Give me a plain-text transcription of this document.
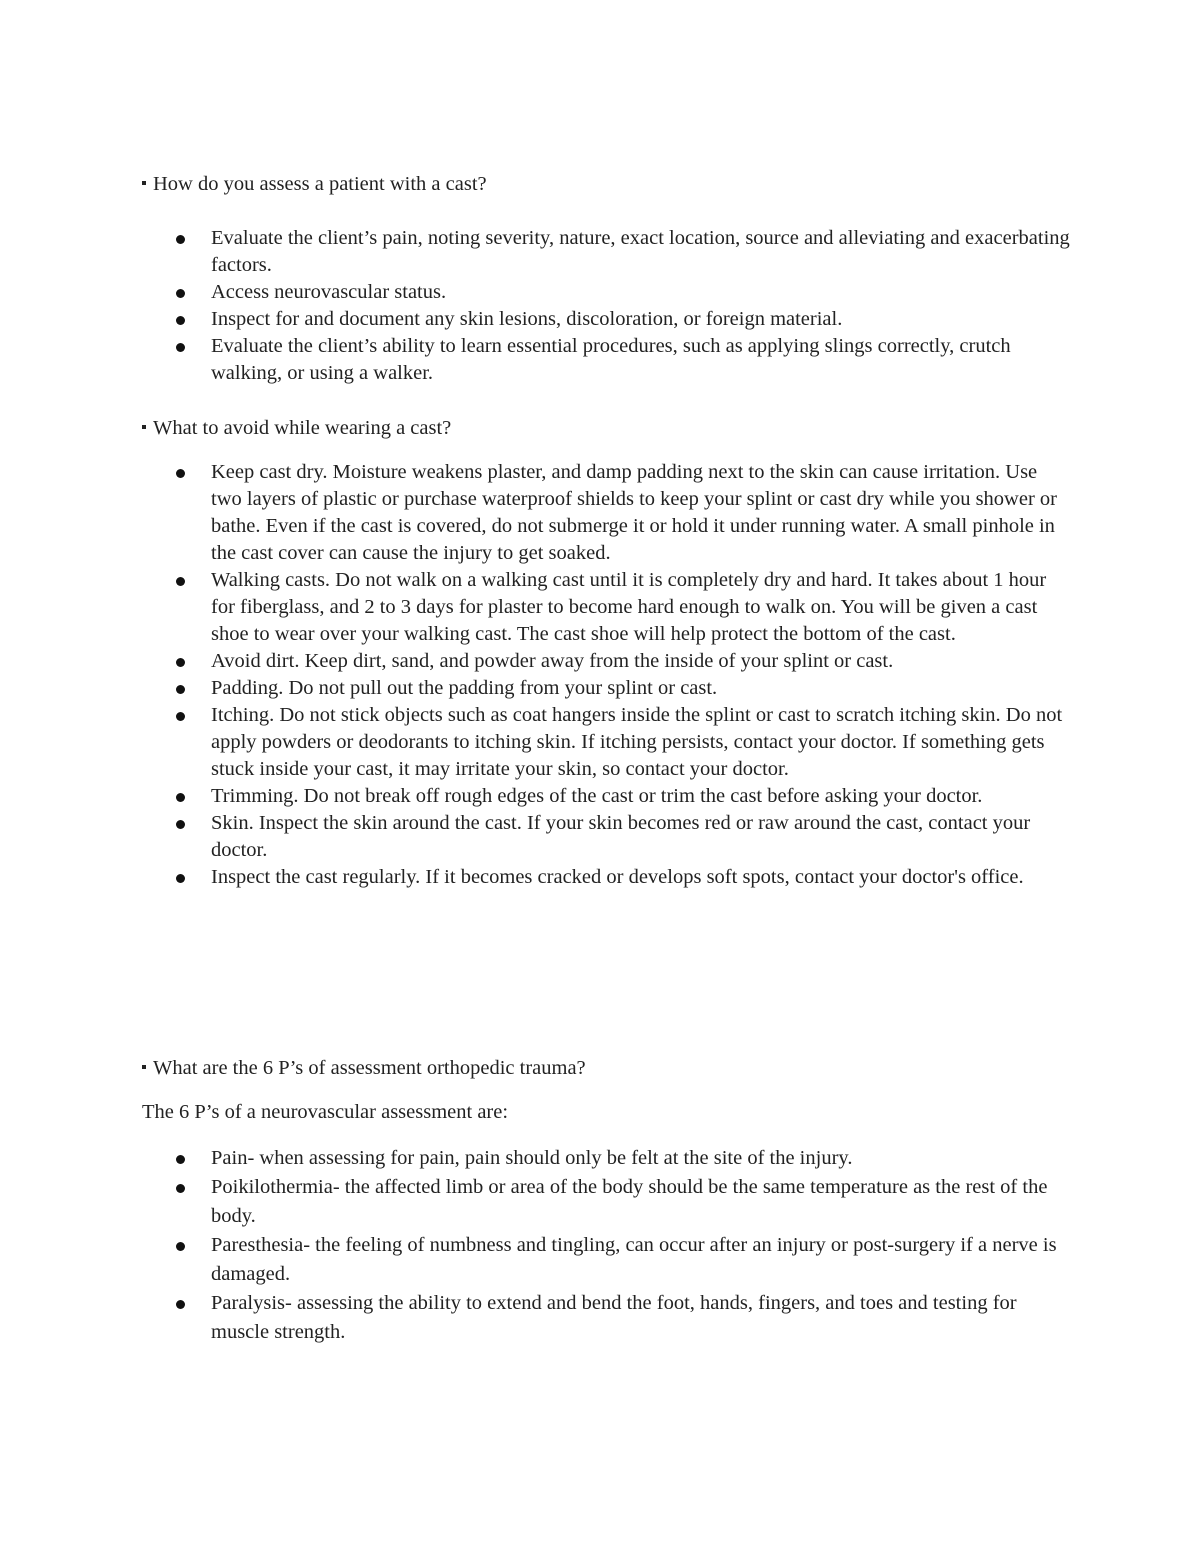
How do you assess a patient with a cast?
Evaluate the client’s pain, noting severity, nature, exact location, source and alleviating and exacerbating factors.
Access neurovascular status.
Inspect for and document any skin lesions, discoloration, or foreign material.
Evaluate the client’s ability to learn essential procedures, such as applying slings correctly, crutch walking, or using a walker.
What to avoid while wearing a cast?
Keep cast dry. Moisture weakens plaster, and damp padding next to the skin can cause irritation. Use two layers of plastic or purchase waterproof shields to keep your splint or cast dry while you shower or bathe. Even if the cast is covered, do not submerge it or hold it under running water. A small pinhole in the cast cover can cause the injury to get soaked.
Walking casts. Do not walk on a walking cast until it is completely dry and hard. It takes about 1 hour for fiberglass, and 2 to 3 days for plaster to become hard enough to walk on. You will be given a cast shoe to wear over your walking cast. The cast shoe will help protect the bottom of the cast.
Avoid dirt. Keep dirt, sand, and powder away from the inside of your splint or cast.
Padding. Do not pull out the padding from your splint or cast.
Itching. Do not stick objects such as coat hangers inside the splint or cast to scratch itching skin. Do not apply powders or deodorants to itching skin. If itching persists, contact your doctor. If something gets stuck inside your cast, it may irritate your skin, so contact your doctor.
Trimming. Do not break off rough edges of the cast or trim the cast before asking your doctor.
Skin. Inspect the skin around the cast. If your skin becomes red or raw around the cast, contact your doctor.
Inspect the cast regularly. If it becomes cracked or develops soft spots, contact your doctor's office.
What are the 6 P’s of assessment orthopedic trauma?
The 6 P’s of a neurovascular assessment are:
Pain- when assessing for pain, pain should only be felt at the site of the injury.
Poikilothermia- the affected limb or area of the body should be the same temperature as the rest of the body.
Paresthesia- the feeling of numbness and tingling, can occur after an injury or post-surgery if a nerve is damaged.
Paralysis- assessing the ability to extend and bend the foot, hands, fingers, and toes and testing for muscle strength.
